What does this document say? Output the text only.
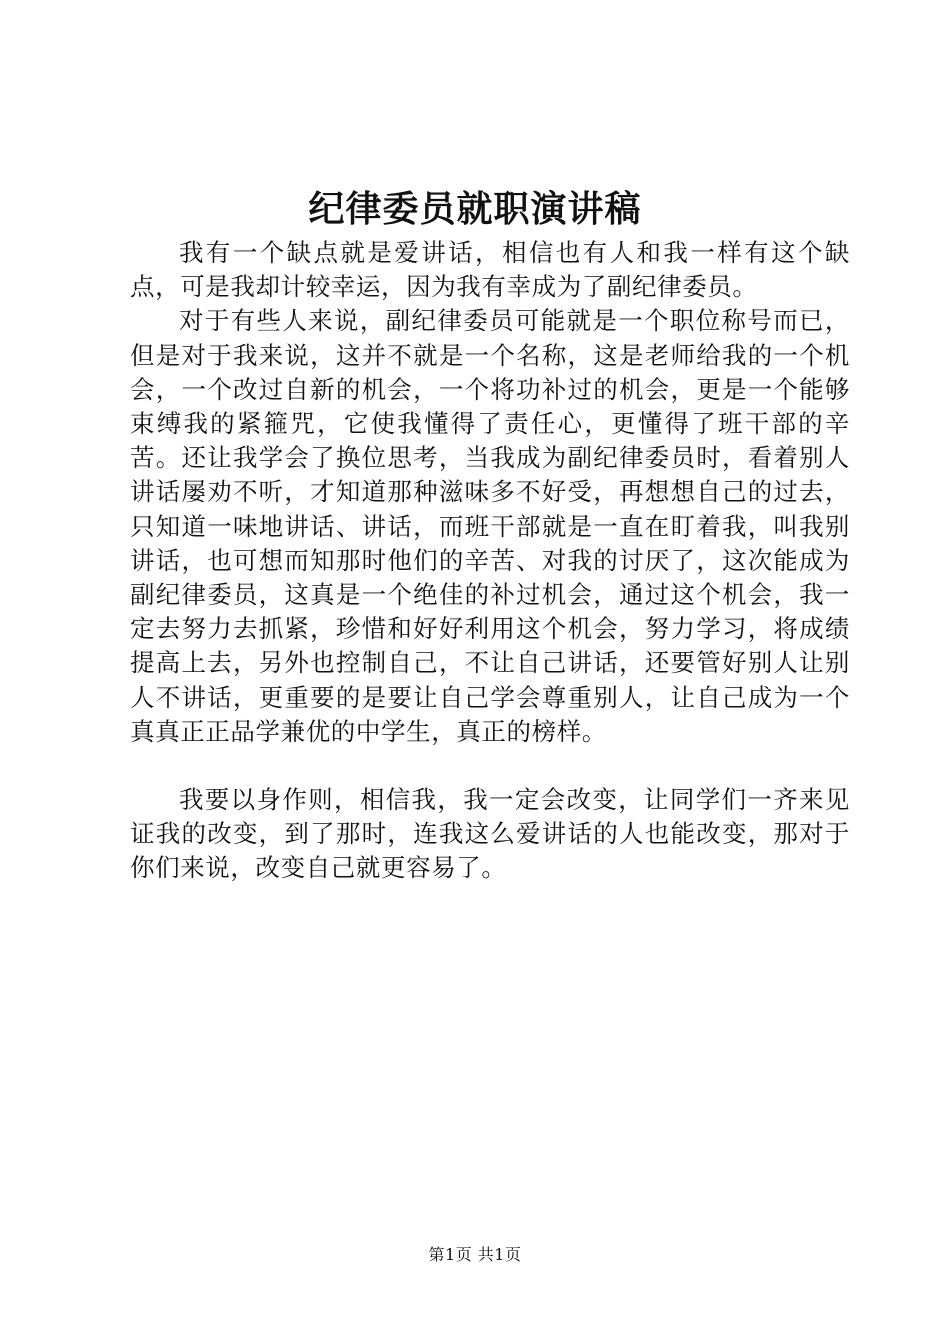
纪律委员就职演讲稿

我有一个缺点就是爱讲话，相信也有人和我一样有这个缺点，可是我却计较幸运，因为我有幸成为了副纪律委员。

对于有些人来说，副纪律委员可能就是一个职位称号而已，但是对于我来说，这并不就是一个名称，这是老师给我的一个机会，一个改过自新的机会，一个将功补过的机会，更是一个能够束缚我的紧箍咒，它使我懂得了责任心，更懂得了班干部的辛苦。还让我学会了换位思考，当我成为副纪律委员时，看着别人讲话屡劝不听，才知道那种滋味多不好受，再想想自己的过去，只知道一味地讲话、讲话，而班干部就是一直在盯着我，叫我别讲话，也可想而知那时他们的辛苦、对我的讨厌了，这次能成为副纪律委员，这真是一个绝佳的补过机会，通过这个机会，我一定去努力去抓紧，珍惜和好好利用这个机会，努力学习，将成绩提高上去，另外也控制自己，不让自己讲话，还要管好别人让别人不讲话，更重要的是要让自己学会尊重别人，让自己成为一个真真正正品学兼优的中学生，真正的榜样。

我要以身作则，相信我，我一定会改变，让同学们一齐来见证我的改变，到了那时，连我这么爱讲话的人也能改变，那对于你们来说，改变自己就更容易了。

第1页 共1页
